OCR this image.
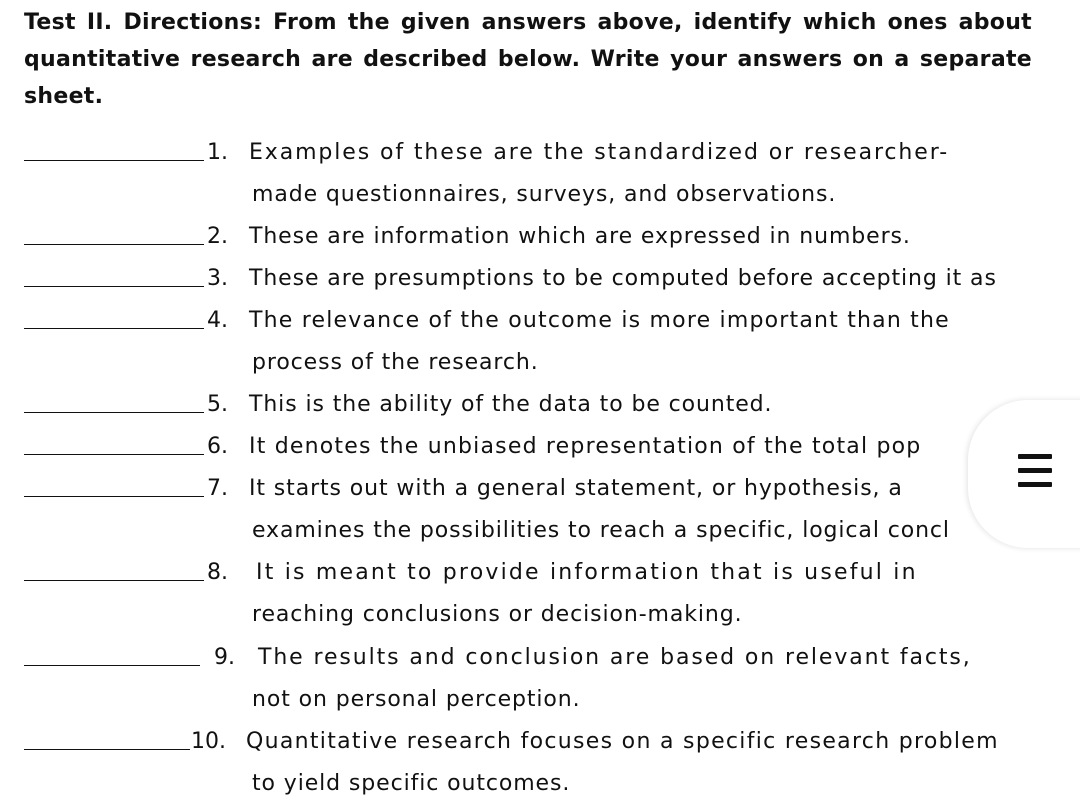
Test II. Directions: From the given answers above, identify which ones about quantitative research are described below. Write your answers on a separate sheet.

1. Examples of these are the standardized or researcher-
made questionnaires, surveys, and observations.
2. These are information which are expressed in numbers.
3. These are presumptions to be computed before accepting it as
4. The relevance of the outcome is more important than the
process of the research.
5. This is the ability of the data to be counted.
6. It denotes the unbiased representation of the total pop
7. It starts out with a general statement, or hypothesis, a
examines the possibilities to reach a specific, logical concl
8. It is meant to provide information that is useful in
reaching conclusions or decision-making.
9. The results and conclusion are based on relevant facts,
not on personal perception.
10. Quantitative research focuses on a specific research problem
to yield specific outcomes.
